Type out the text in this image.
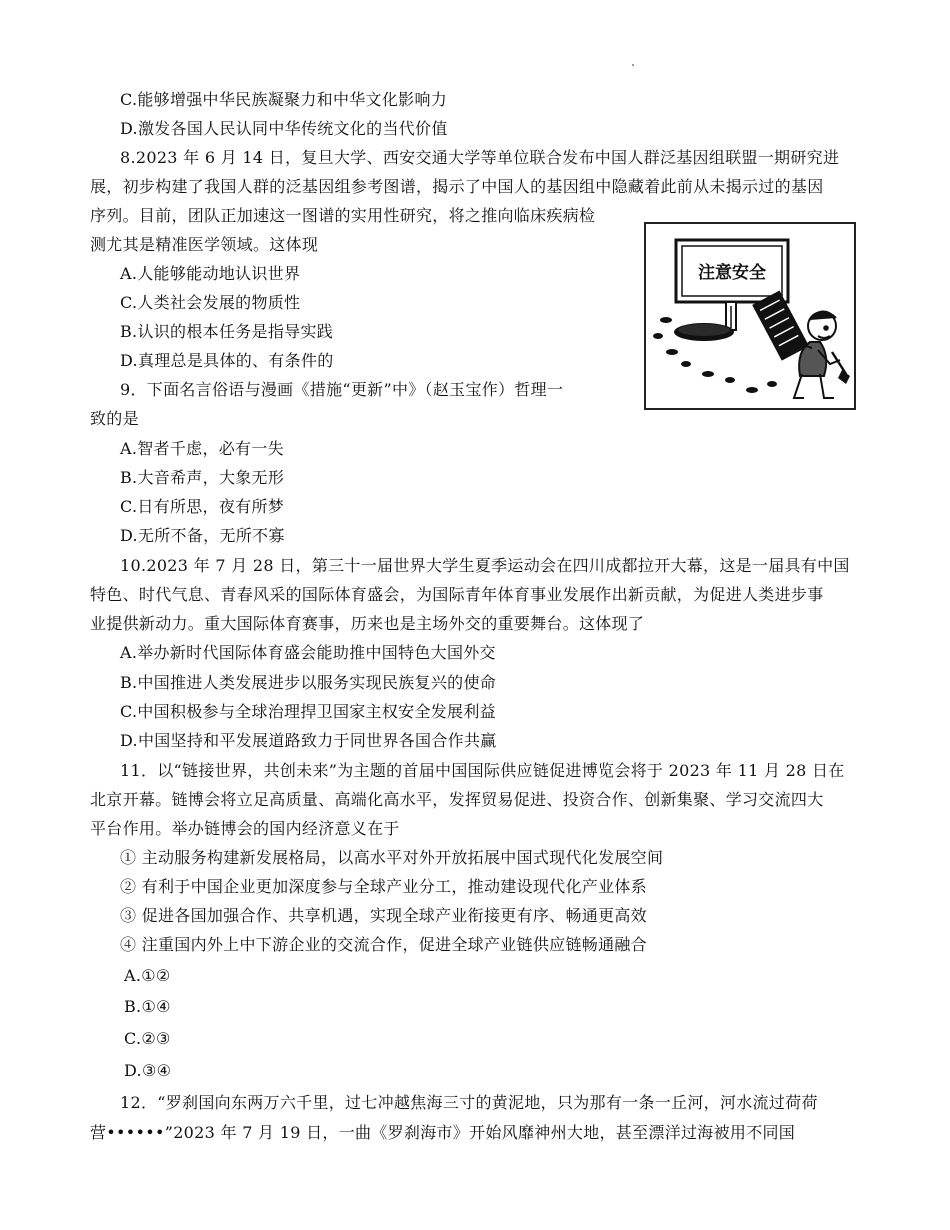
C.能够增强中华民族凝聚力和中华文化影响力
D.激发各国人民认同中华传统文化的当代价值
8.2023 年 6 月 14 日，复旦大学、西安交通大学等单位联合发布中国人群泛基因组联盟一期研究进
展，初步构建了我国人群的泛基因组参考图谱，揭示了中国人的基因组中隐藏着此前从未揭示过的基因
序列。目前，团队正加速这一图谱的实用性研究，将之推向临床疾病检
测尤其是精准医学领域。这体现
A.人能够能动地认识世界
C.人类社会发展的物质性
B.认识的根本任务是指导实践
D.真理总是具体的、有条件的
9．下面名言俗语与漫画《措施“更新”中》（赵玉宝作）哲理一
致的是
A.智者千虑，必有一失
B.大音希声，大象无形
C.日有所思，夜有所梦
D.无所不备，无所不寡
10.2023 年 7 月 28 日，第三十一届世界大学生夏季运动会在四川成都拉开大幕，这是一届具有中国
特色、时代气息、青春风采的国际体育盛会，为国际青年体育事业发展作出新贡献，为促进人类进步事
业提供新动力。重大国际体育赛事，历来也是主场外交的重要舞台。这体现了
A.举办新时代国际体育盛会能助推中国特色大国外交
B.中国推进人类发展进步以服务实现民族复兴的使命
C.中国积极参与全球治理捍卫国家主权安全发展利益
D.中国坚持和平发展道路致力于同世界各国合作共赢
11．以“链接世界，共创未来”为主题的首届中国国际供应链促进博览会将于 2023 年 11 月 28 日在
北京开幕。链博会将立足高质量、高端化高水平，发挥贸易促进、投资合作、创新集聚、学习交流四大
平台作用。举办链博会的国内经济意义在于
① 主动服务构建新发展格局，以高水平对外开放拓展中国式现代化发展空间
② 有利于中国企业更加深度参与全球产业分工，推动建设现代化产业体系
③ 促进各国加强合作、共享机遇，实现全球产业衔接更有序、畅通更高效
④ 注重国内外上中下游企业的交流合作，促进全球产业链供应链畅通融合
A.①②
B.①④
C.②③
D.③④
12．“罗刹国向东两万六千里，过七冲越焦海三寸的黄泥地，只为那有一条一丘河，河水流过荷荷
营••••••”2023 年 7 月 19 日，一曲《罗刹海市》开始风靡神州大地，甚至漂洋过海被用不同国
注意安全
